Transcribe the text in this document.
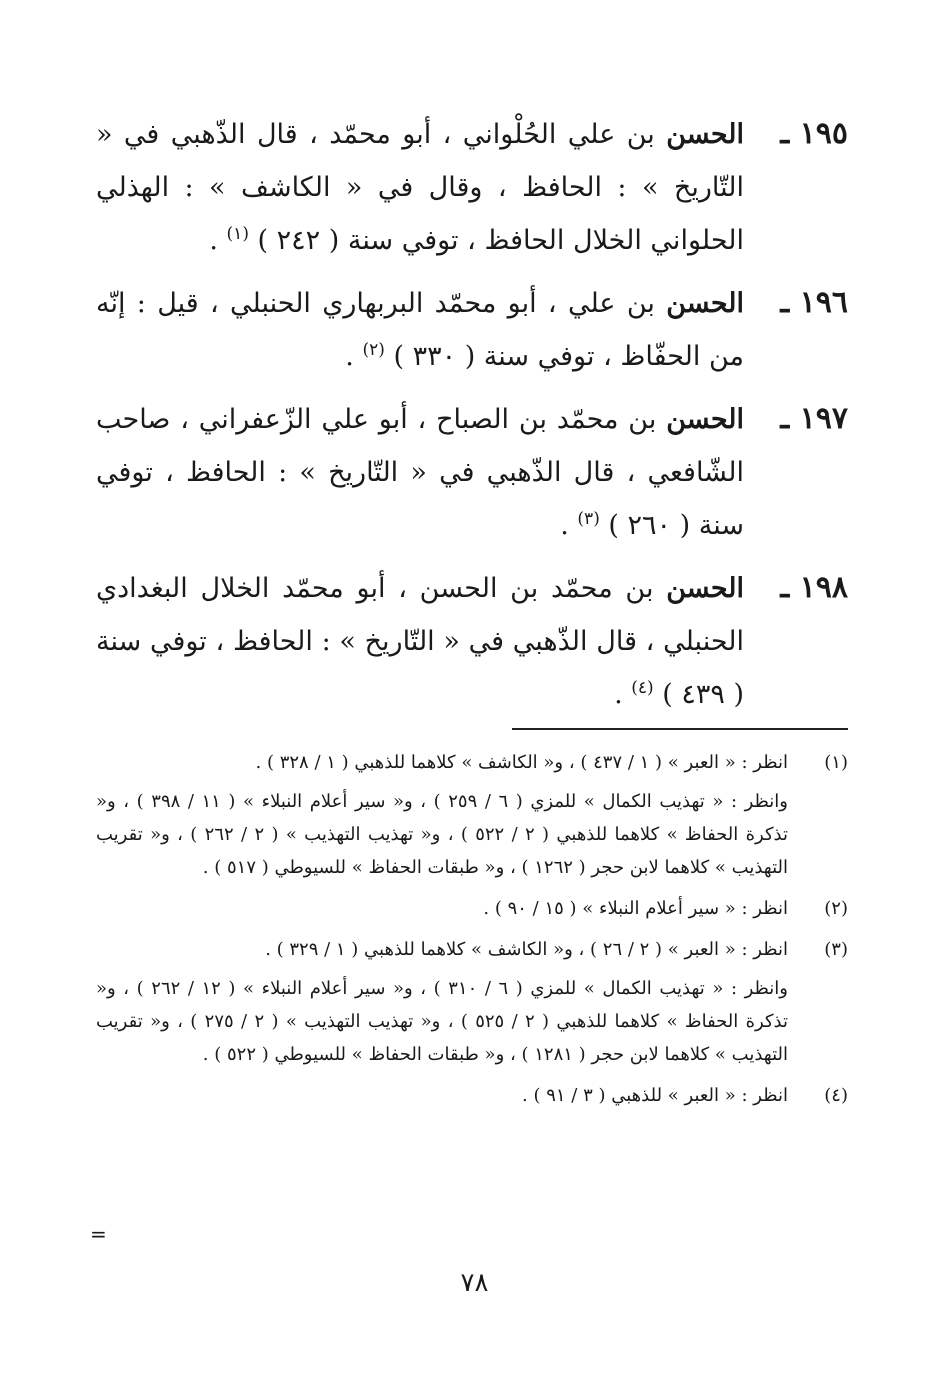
١٩٥ ـ
الحسن بن علي الحُلْواني ، أبو محمّد ، قال الذّهبي في « التّاريخ » : الحافظ ، وقال في « الكاشف » : الهذلي الحلواني الخلال الحافظ ، توفي سنة ( ٢٤٢ ) $^{(١)}$ .
١٩٦ ـ
الحسن بن علي ، أبو محمّد البربهاري الحنبلي ، قيل : إنّه من الحفّاظ ، توفي سنة ( ٣٣٠ ) $^{(٢)}$ .
١٩٧ ـ
الحسن بن محمّد بن الصباح ، أبو علي الزّعفراني ، صاحب الشّافعي ، قال الذّهبي في « التّاريخ » : الحافظ ، توفي سنة ( ٢٦٠ ) $^{(٣)}$ .
١٩٨ ـ
الحسن بن محمّد بن الحسن ، أبو محمّد الخلال البغدادي الحنبلي ، قال الذّهبي في « التّاريخ » : الحافظ ، توفي سنة ( ٤٣٩ ) $^{(٤)}$ .
(١)
انظر : « العبر » ( ١ / ٤٣٧ ) ، و« الكاشف » كلاهما للذهبي ( ١ / ٣٢٨ ) .
وانظر : « تهذيب الكمال » للمزي ( ٦ / ٢٥٩ ) ، و« سير أعلام النبلاء » ( ١١ / ٣٩٨ ) ، و« تذكرة الحفاظ » كلاهما للذهبي ( ٢ / ٥٢٢ ) ، و« تهذيب التهذيب » ( ٢ / ٢٦٢ ) ، و« تقريب التهذيب » كلاهما لابن حجر ( ١٢٦٢ ) ، و« طبقات الحفاظ » للسيوطي ( ٥١٧ ) .
(٢)
انظر : « سير أعلام النبلاء » ( ١٥ / ٩٠ ) .
(٣)
انظر : « العبر » ( ٢ / ٢٦ ) ، و« الكاشف » كلاهما للذهبي ( ١ / ٣٢٩ ) .
وانظر : « تهذيب الكمال » للمزي ( ٦ / ٣١٠ ) ، و« سير أعلام النبلاء » ( ١٢ / ٢٦٢ ) ، و« تذكرة الحفاظ » كلاهما للذهبي ( ٢ / ٥٢٥ ) ، و« تهذيب التهذيب » ( ٢ / ٢٧٥ ) ، و« تقريب التهذيب » كلاهما لابن حجر ( ١٢٨١ ) ، و« طبقات الحفاظ » للسيوطي ( ٥٢٢ ) .
(٤)
انظر : « العبر » للذهبي ( ٣ / ٩١ ) .
=
٧٨
